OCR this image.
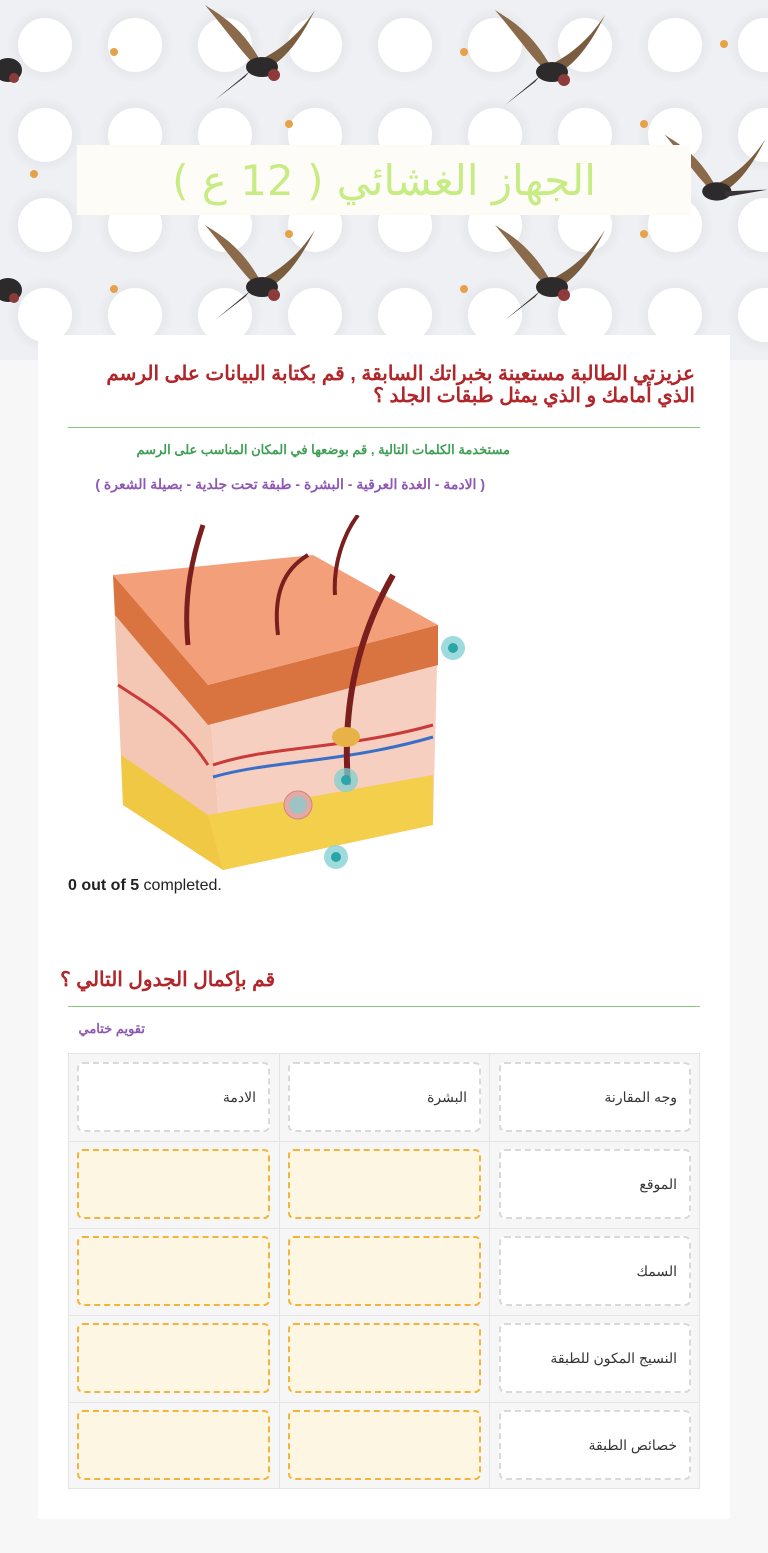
الجهاز الغشائي ( 12 ع )
عزيزتي الطالبة مستعينة بخبراتك السابقة , قم بكتابة البيانات على الرسم الذي أمامك و الذي يمثل طبقات الجلد ؟
مستخدمة الكلمات التالية , قم بوضعها في المكان المناسب على الرسم
( الادمة - الغدة العرقية - البشرة - طبقة تحت جلدية - بصيلة الشعرة )
0 out of 5 completed.
قم بإكمال الجدول التالي ؟
تقويم ختامي
وجه المقارنة
البشرة
الادمة
الموقع
السمك
النسيج المكون للطبقة
خصائص الطبقة
